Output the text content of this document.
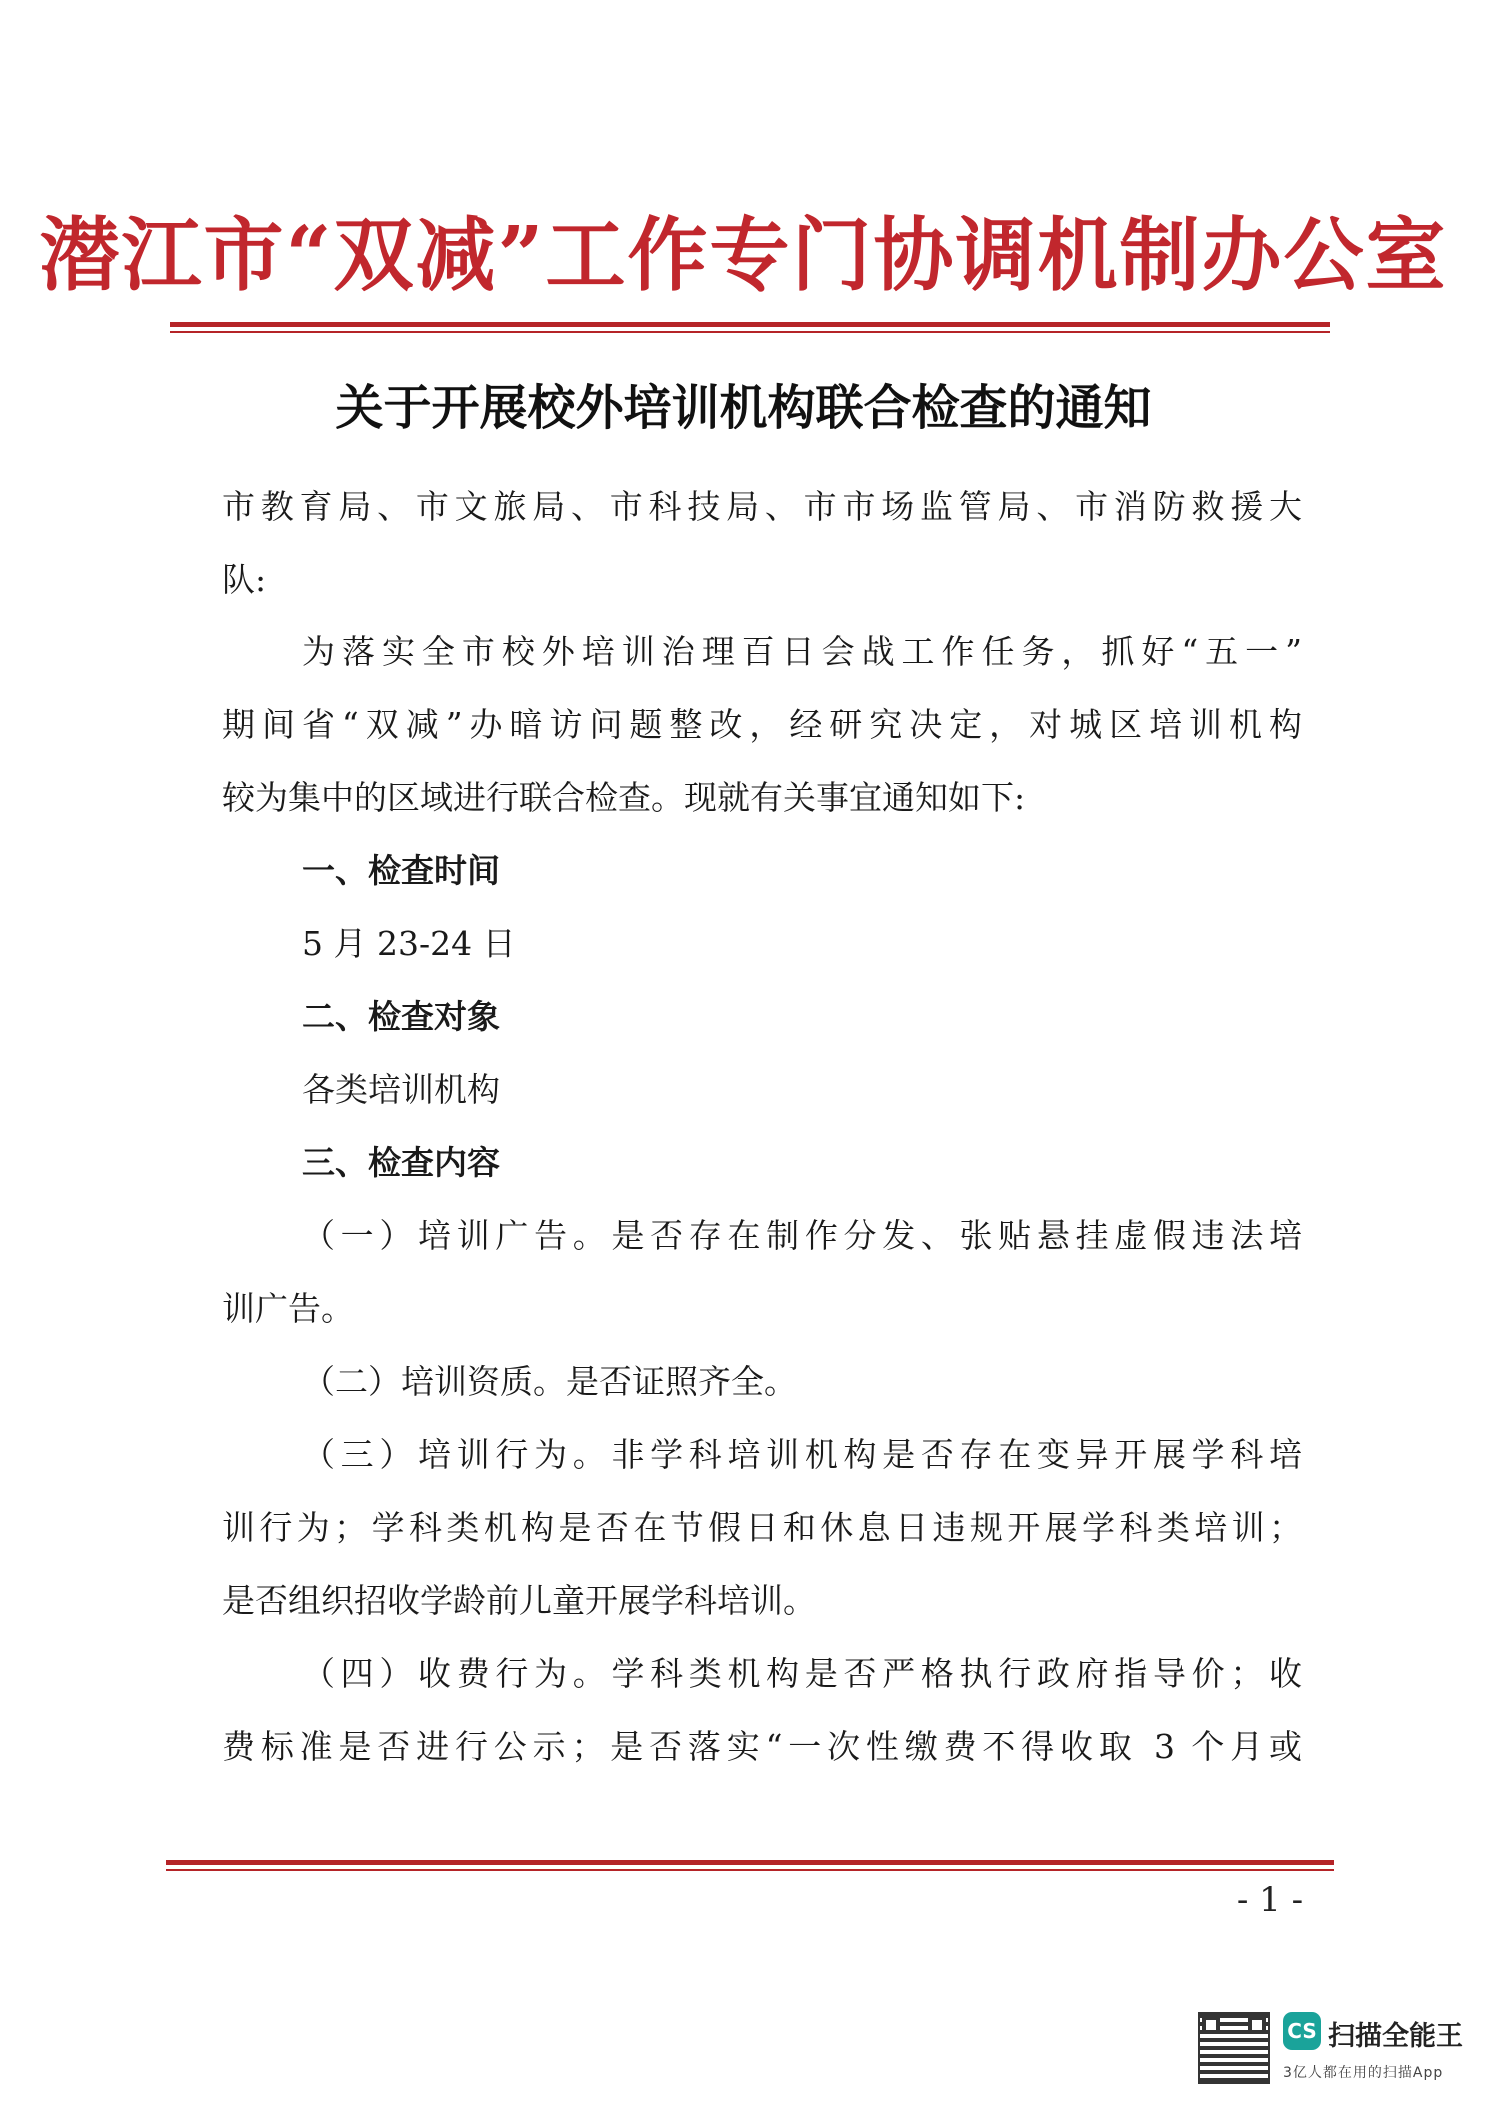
潜江市“双减”工作专门协调机制办公室
关于开展校外培训机构联合检查的通知
市教育局、市文旅局、市科技局、市市场监管局、市消防救援大
队:
为落实全市校外培训治理百日会战工作任务，抓好“五一”
期间省“双减”办暗访问题整改，经研究决定，对城区培训机构
较为集中的区域进行联合检查。现就有关事宜通知如下:
一、检查时间
5 月 23-24 日
二、检查对象
各类培训机构
三、检查内容
（一）培训广告。是否存在制作分发、张贴悬挂虚假违法培
训广告。
（二）培训资质。是否证照齐全。
（三）培训行为。非学科培训机构是否存在变异开展学科培
训行为；学科类机构是否在节假日和休息日违规开展学科类培训；
是否组织招收学龄前儿童开展学科培训。
（四）收费行为。学科类机构是否严格执行政府指导价；收
费标准是否进行公示；是否落实“一次性缴费不得收取 3 个月或
- 1 -
CS 扫描全能王
3亿人都在用的扫描App
